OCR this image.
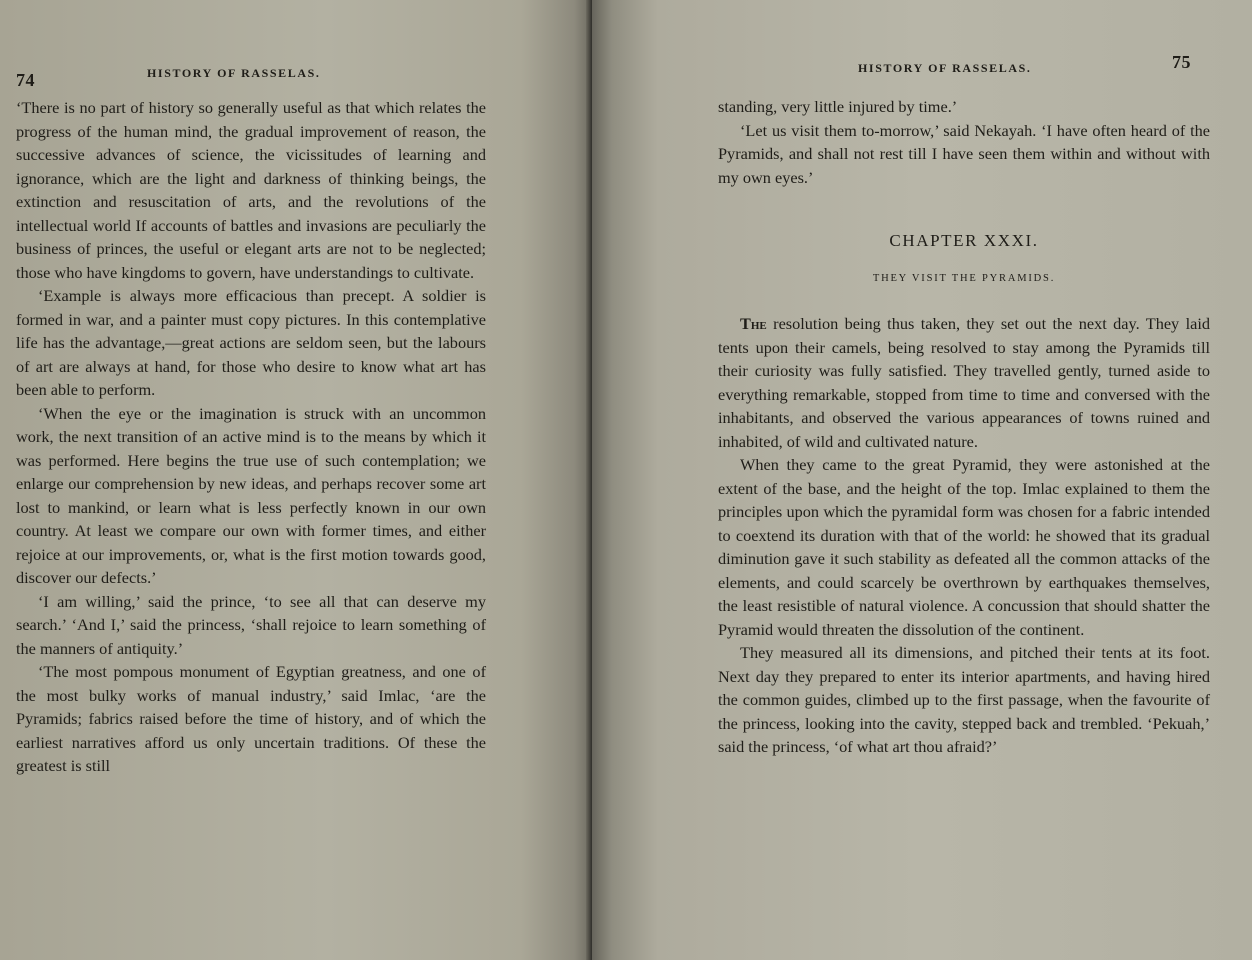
74	HISTORY OF RASSELAS.

‘There is no part of history so generally useful as that which relates the progress of the human mind, the gradual improvement of reason, the successive advances of science, the vicissitudes of learning and ignorance, which are the light and darkness of thinking beings, the extinction and resuscitation of arts, and the revolutions of the intellectual world If accounts of battles and invasions are peculiarly the business of princes, the useful or elegant arts are not to be neglected; those who have kingdoms to govern, have understandings to cultivate.

‘Example is always more efficacious than precept. A soldier is formed in war, and a painter must copy pictures. In this contemplative life has the advantage,—great actions are seldom seen, but the labours of art are always at hand, for those who desire to know what art has been able to perform.

‘When the eye or the imagination is struck with an uncommon work, the next transition of an active mind is to the means by which it was performed. Here begins the true use of such contemplation; we enlarge our comprehension by new ideas, and perhaps recover some art lost to mankind, or learn what is less perfectly known in our own country. At least we compare our own with former times, and either rejoice at our improvements, or, what is the first motion towards good, discover our defects.’

‘I am willing,’ said the prince, ‘to see all that can deserve my search.’ ‘And I,’ said the princess, ‘shall rejoice to learn something of the manners of antiquity.’

‘The most pompous monument of Egyptian greatness, and one of the most bulky works of manual industry,’ said Imlac, ‘are the Pyramids; fabrics raised before the time of history, and of which the earliest narratives afford us only uncertain traditions. Of these the greatest is still

HISTORY OF RASSELAS.	75

standing, very little injured by time.’

‘Let us visit them to-morrow,’ said Nekayah. ‘I have often heard of the Pyramids, and shall not rest till I have seen them within and without with my own eyes.’

CHAPTER XXXI.
THEY VISIT THE PYRAMIDS.

The resolution being thus taken, they set out the next day. They laid tents upon their camels, being resolved to stay among the Pyramids till their curiosity was fully satisfied. They travelled gently, turned aside to everything remarkable, stopped from time to time and conversed with the inhabitants, and observed the various appearances of towns ruined and inhabited, of wild and cultivated nature.

When they came to the great Pyramid, they were astonished at the extent of the base, and the height of the top. Imlac explained to them the principles upon which the pyramidal form was chosen for a fabric intended to coextend its duration with that of the world: he showed that its gradual diminution gave it such stability as defeated all the common attacks of the elements, and could scarcely be overthrown by earthquakes themselves, the least resistible of natural violence. A concussion that should shatter the Pyramid would threaten the dissolution of the continent.

They measured all its dimensions, and pitched their tents at its foot. Next day they prepared to enter its interior apartments, and having hired the common guides, climbed up to the first passage, when the favourite of the princess, looking into the cavity, stepped back and trembled. ‘Pekuah,’ said the princess, ‘of what art thou afraid?’
